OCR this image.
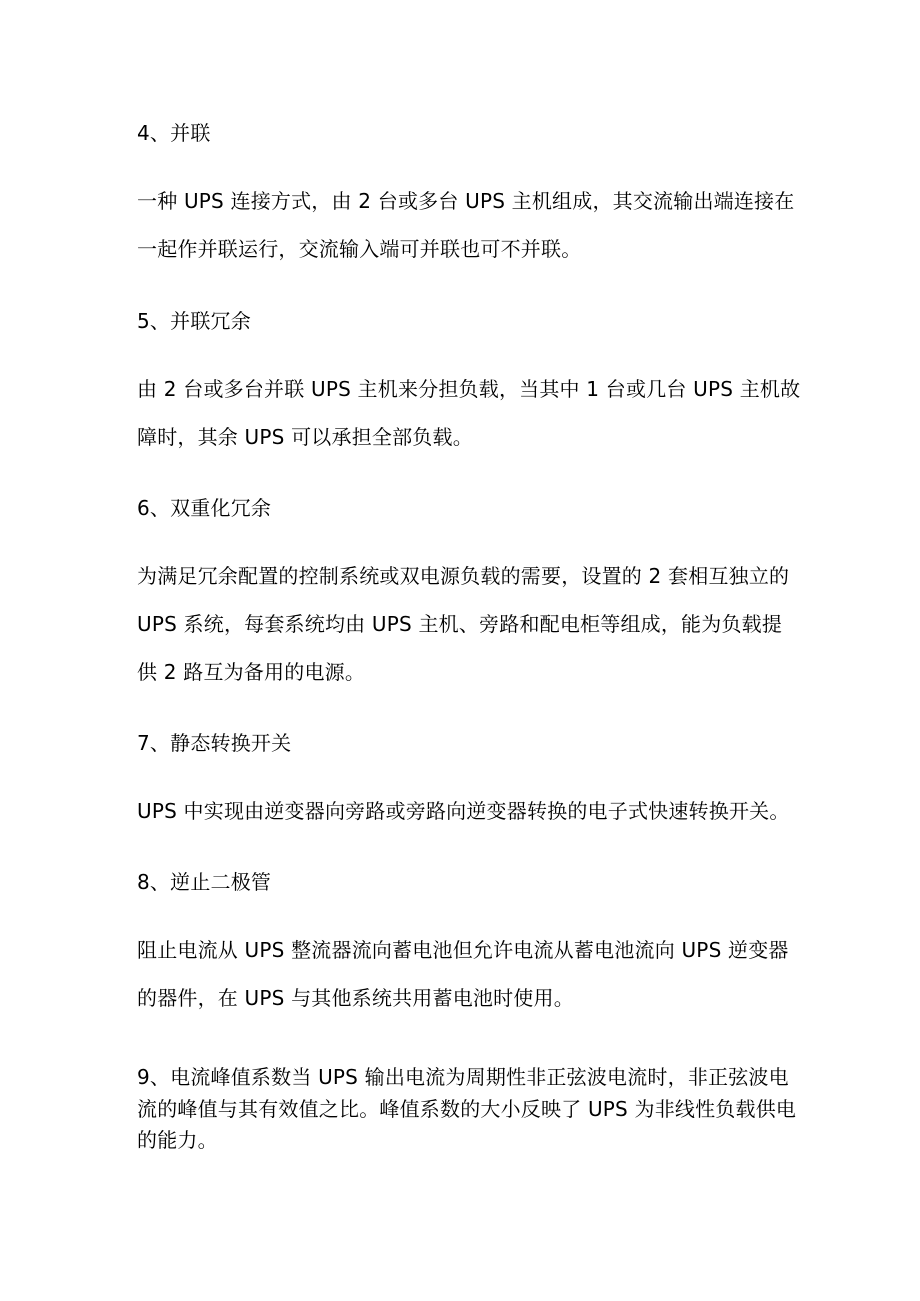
4、并联
一种 UPS 连接方式，由 2 台或多台 UPS 主机组成，其交流输出端连接在
一起作并联运行，交流输入端可并联也可不并联。
5、并联冗余
由 2 台或多台并联 UPS 主机来分担负载，当其中 1 台或几台 UPS 主机故
障时，其余 UPS 可以承担全部负载。
6、双重化冗余
为满足冗余配置的控制系统或双电源负载的需要，设置的 2 套相互独立的
UPS 系统，每套系统均由 UPS 主机、旁路和配电柜等组成，能为负载提
供 2 路互为备用的电源。
7、静态转换开关
UPS 中实现由逆变器向旁路或旁路向逆变器转换的电子式快速转换开关。
8、逆止二极管
阻止电流从 UPS 整流器流向蓄电池但允许电流从蓄电池流向 UPS 逆变器
的器件，在 UPS 与其他系统共用蓄电池时使用。
9、电流峰值系数当 UPS 输出电流为周期性非正弦波电流时，非正弦波电
流的峰值与其有效值之比。峰值系数的大小反映了 UPS 为非线性负载供电
的能力。
